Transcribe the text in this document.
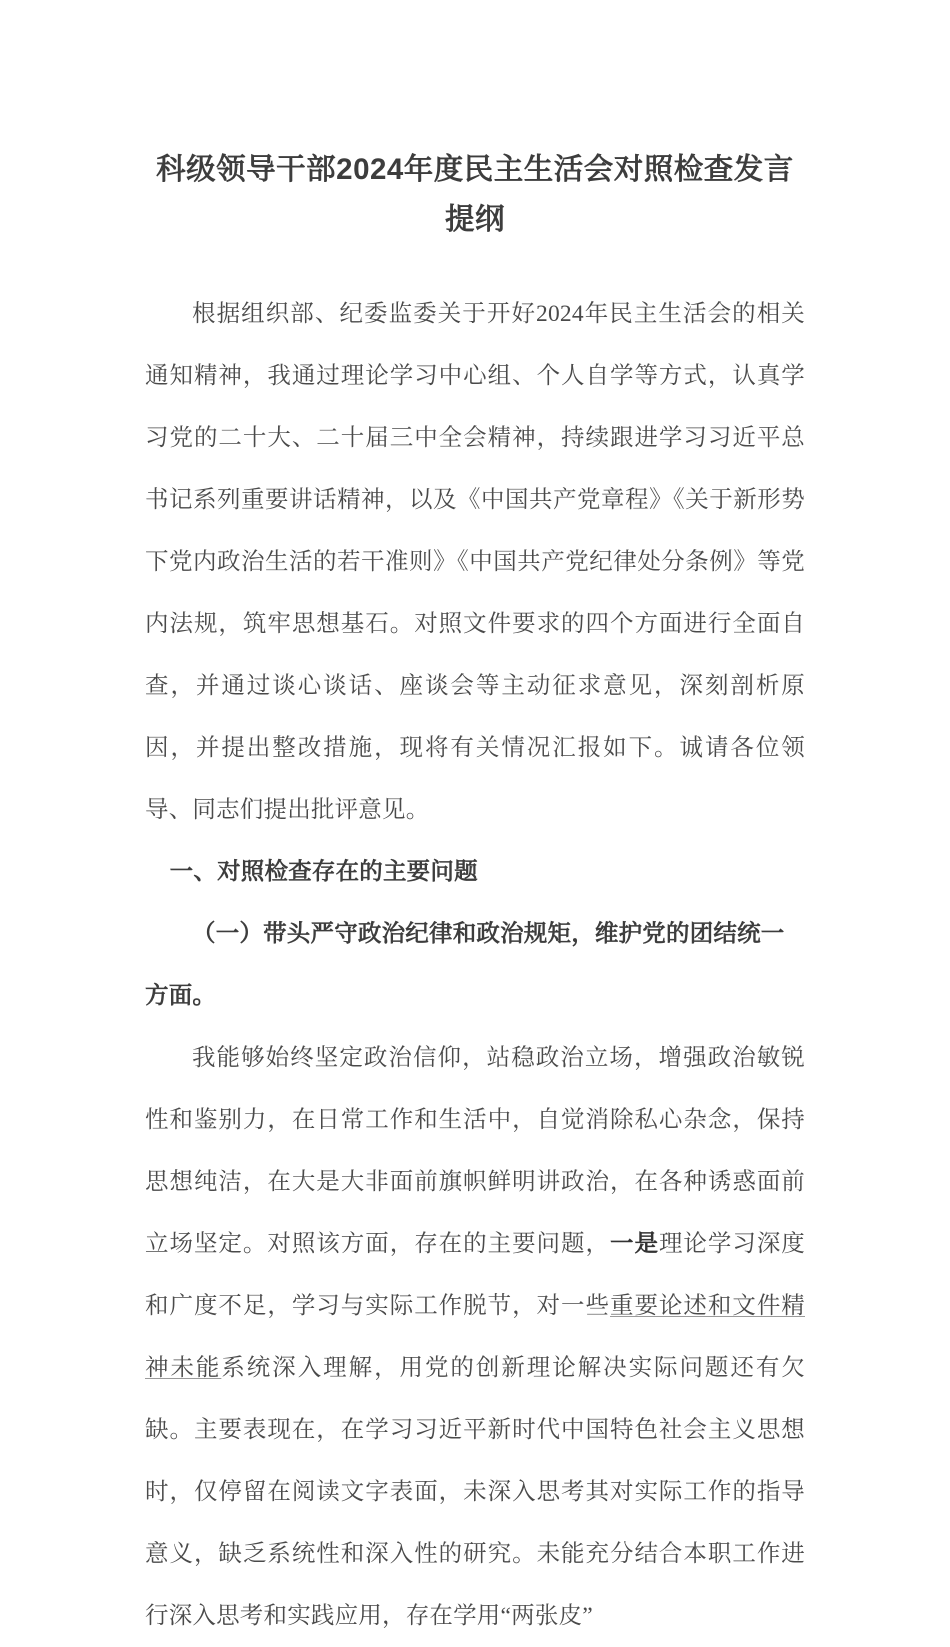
科级领导干部2024年度民主生活会对照检查发言提纲

根据组织部、纪委监委关于开好2024年民主生活会的相关通知精神，我通过理论学习中心组、个人自学等方式，认真学习党的二十大、二十届三中全会精神，持续跟进学习习近平总书记系列重要讲话精神，以及《中国共产党章程》《关于新形势下党内政治生活的若干准则》《中国共产党纪律处分条例》等党内法规，筑牢思想基石。对照文件要求的四个方面进行全面自查，并通过谈心谈话、座谈会等主动征求意见，深刻剖析原因，并提出整改措施，现将有关情况汇报如下。诚请各位领导、同志们提出批评意见。

一、对照检查存在的主要问题

（一）带头严守政治纪律和政治规矩，维护党的团结统一方面。

我能够始终坚定政治信仰，站稳政治立场，增强政治敏锐性和鉴别力，在日常工作和生活中，自觉消除私心杂念，保持思想纯洁，在大是大非面前旗帜鲜明讲政治，在各种诱惑面前立场坚定。对照该方面，存在的主要问题，一是理论学习深度和广度不足，学习与实际工作脱节，对一些重要论述和文件精神未能系统深入理解，用党的创新理论解决实际问题还有欠缺。主要表现在，在学习习近平新时代中国特色社会主义思想时，仅停留在阅读文字表面，未深入思考其对实际工作的指导意义，缺乏系统性和深入性的研究。未能充分结合本职工作进行深入思考和实践应用，存在学用“两张皮”
